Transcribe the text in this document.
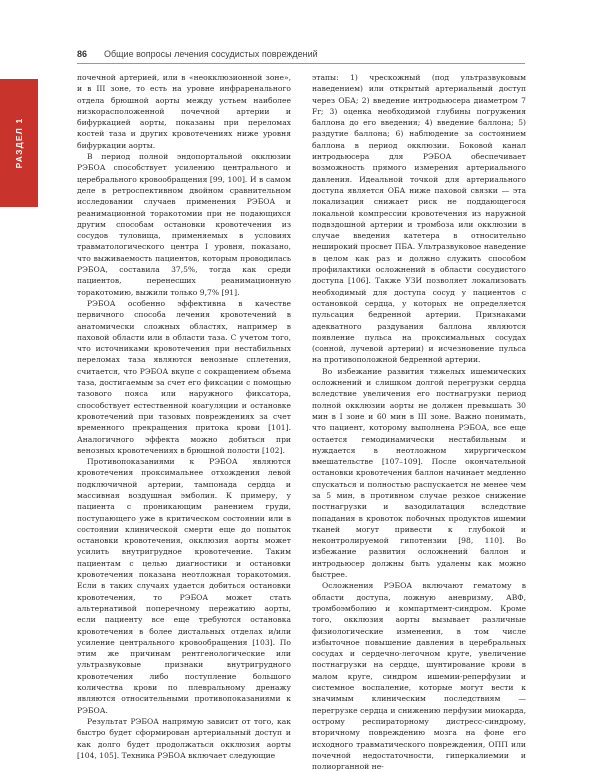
РАЗДЕЛ 1
86 Общие вопросы лечения сосудистых повреждений

почечной артерией, или в «неокклюзионной зоне», и в III зоне, то есть на уровне инфраренального отдела брюшной аорты между устьем наиболее низкорасположенной почечной артерии и бифуркацией аорты, показаны при переломах костей таза и других кровотечениях ниже уровня бифуркации аорты.

В период полной эндопортальной окклюзии РЭБОА способствует усилению центрального и церебрального кровообращения [99, 100]. И в самом деле в ретроспективном двойном сравнительном исследовании случаев применения РЭБОА и реанимационной торакотомии при не подающихся другим способам остановки кровотечения из сосудов туловища, применяемых в условиях травматологического центра I уровня, показано, что выживаемость пациентов, которым проводилась РЭБОА, составила 37,5%, тогда как среди пациентов, перенесших реанимационную торакотомию, выжили только 9,7% [91].

РЭБОА особенно эффективна в качестве первичного способа лечения кровотечений в анатомически сложных областях, например в паховой области или в области таза. С учетом того, что источниками кровотечения при нестабильных переломах таза являются венозные сплетения, считается, что РЭБОА вкупе с сокращением объема таза, достигаемым за счет его фиксации с помощью тазового пояса или наружного фиксатора, способствует естественной коагуляции и остановке кровотечений при тазовых повреждениях за счет временного прекращения притока крови [101]. Аналогичного эффекта можно добиться при венозных кровотечениях в брюшной полости [102].

Противопоказаниями к РЭБОА являются кровотечения проксимальнее отхождения левой подключичной артерии, тампонада сердца и массивная воздушная эмболия. К примеру, у пациента с проникающим ранением груди, поступающего уже в критическом состоянии или в состоянии клинической смерти еще до попыток остановки кровотечения, окклюзия аорты может усилить внутригрудное кровотечение. Таким пациентам с целью диагностики и остановки кровотечения показана неотложная торакотомия. Если в таких случаях удается добиться остановки кровотечения, то РЭБОА может стать альтернативой поперечному пережатию аорты, если пациенту все еще требуются остановка кровотечения в более дистальных отделах и/или усиление центрального кровообращения [103]. По этим же причинам рентгенологические или ультразвуковые признаки внутригрудного кровотечения либо поступление большого количества крови по плевральному дренажу являются относительными противопоказаниями к РЭБОА.

Результат РЭБОА напрямую зависит от того, как быстро будет сформирован артериальный доступ и как долго будет продолжаться окклюзия аорты [104, 105]. Техника РЭБОА включает следующие

этапы: 1) чрескожный (под ультразвуковым наведением) или открытый артериальный доступ через ОБА; 2) введение интродьюсера диаметром 7 Fr; 3) оценка необходимой глубины погружения баллона до его введения; 4) введение баллона; 5) раздутие баллона; 6) наблюдение за состоянием баллона в период окклюзии. Боковой канал интродьюсера для РЭБОА обеспечивает возможность прямого измерения артериального давления. Идеальной точкой для артериального доступа является ОБА ниже паховой связки — эта локализация снижает риск не поддающегося локальной компрессии кровотечения из наружной подвздошной артерии и тромбоза или окклюзии в случае введения катетера в относительно неширокий просвет ПБА. Ультразвуковое наведение в целом как раз и должно служить способом профилактики осложнений в области сосудистого доступа [106]. Также УЗИ позволяет локализовать необходимый для доступа сосуд у пациентов с остановкой сердца, у которых не определяется пульсация бедренной артерии. Признаками адекватного раздувания баллона являются появление пульса на проксимальных сосудах (сонной, лучевой артерии) и исчезновение пульса на противоположной бедренной артерии.

Во избежание развития тяжелых ишемических осложнений и слишком долгой перегрузки сердца вследствие увеличения его постнагрузки период полной окклюзии аорты не должен превышать 30 мин в I зоне и 60 мин в III зоне. Важно понимать, что пациент, которому выполнена РЭБОА, все еще остается гемодинамически нестабильным и нуждается в неотложном хирургическом вмешательстве [107–109]. После окончательной остановки кровотечения баллон начинает медленно спускаться и полностью распускается не менее чем за 5 мин, в противном случае резкое снижение постнагрузки и вазодилатация вследствие попадания в кровоток побочных продуктов ишемии тканей могут привести к глубокой и неконтролируемой гипотензии [98, 110]. Во избежание развития осложнений баллон и интродьюсер должны быть удалены как можно быстрее.

Осложнения РЭБОА включают гематому в области доступа, ложную аневризму, АВФ, тромбоэмболию и компартмент-синдром. Кроме того, окклюзия аорты вызывает различные физиологические изменения, в том числе избыточное повышение давления в церебральных сосудах и сердечно-легочном круге, увеличение постнагрузки на сердце, шунтирование крови в малом круге, синдром ишемии-реперфузии и системное воспаление, которые могут вести к значимым клиническим последствиям — перегрузке сердца и снижению перфузии миокарда, острому респираторному дистресс-синдрому, вторичному повреждению мозга на фоне его исходного травматического повреждения, ОПП или почечной недостаточности, гиперкалиемии и полиорганной не-
